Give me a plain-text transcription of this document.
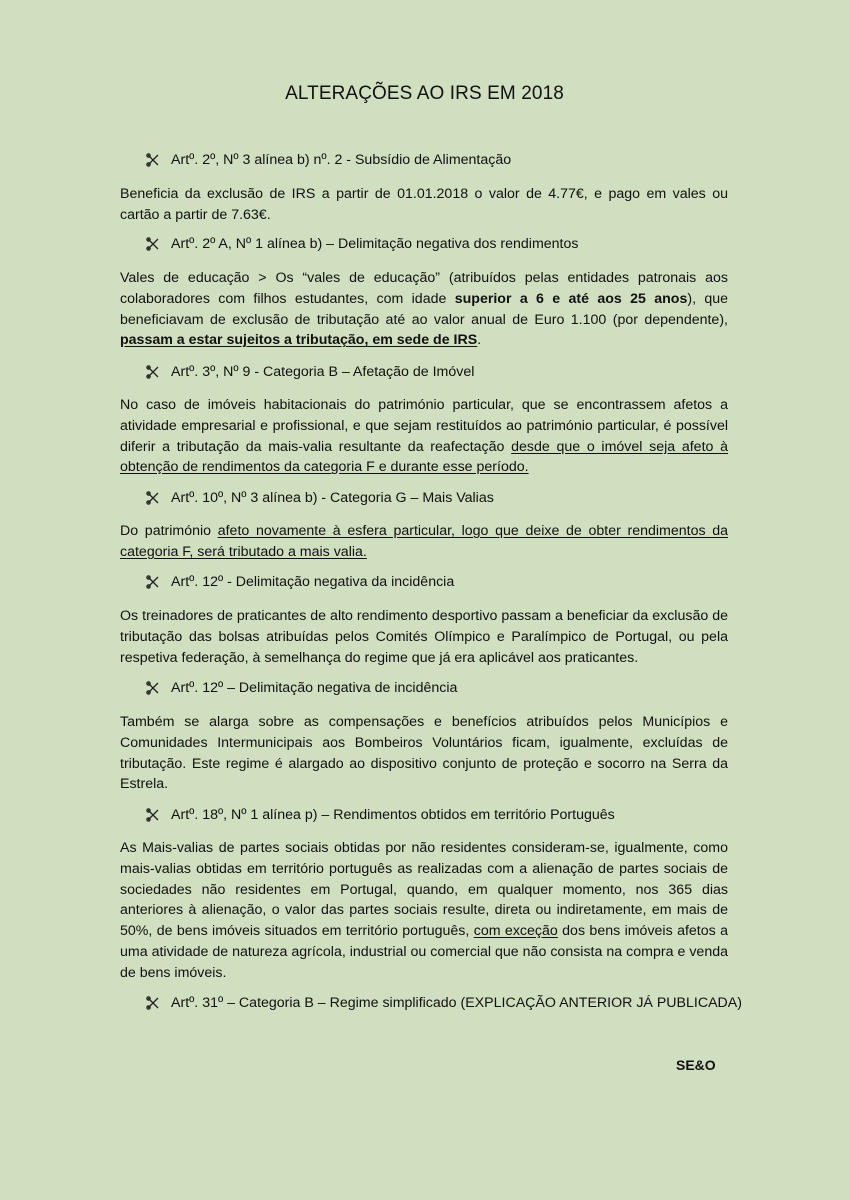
ALTERAÇÕES AO IRS EM 2018
Artº. 2º, Nº 3 alínea b) nº. 2 - Subsídio de Alimentação
Beneficia da exclusão de IRS a partir de 01.01.2018 o valor de 4.77€, e pago em vales ou cartão a partir de 7.63€.
Artº. 2º A, Nº 1 alínea b) – Delimitação negativa dos rendimentos
Vales de educação > Os “vales de educação” (atribuídos pelas entidades patronais aos colaboradores com filhos estudantes, com idade superior a 6 e até aos 25 anos), que beneficiavam de exclusão de tributação até ao valor anual de Euro 1.100 (por dependente), passam a estar sujeitos a tributação, em sede de IRS.
Artº. 3º, Nº 9 - Categoria B – Afetação de Imóvel
No caso de imóveis habitacionais do património particular, que se encontrassem afetos a atividade empresarial e profissional, e que sejam restituídos ao património particular, é possível diferir a tributação da mais-valia resultante da reafectação desde que o imóvel seja afeto à obtenção de rendimentos da categoria F e durante esse período.
Artº. 10º, Nº 3 alínea b) - Categoria G – Mais Valias
Do património afeto novamente à esfera particular, logo que deixe de obter rendimentos da categoria F, será tributado a mais valia.
Artº. 12º - Delimitação negativa da incidência
Os treinadores de praticantes de alto rendimento desportivo passam a beneficiar da exclusão de tributação das bolsas atribuídas pelos Comités Olímpico e Paralímpico de Portugal, ou pela respetiva federação, à semelhança do regime que já era aplicável aos praticantes.
Artº. 12º – Delimitação negativa de incidência
Também se alarga sobre as compensações e benefícios atribuídos pelos Municípios e Comunidades Intermunicipais aos Bombeiros Voluntários ficam, igualmente, excluídas de tributação. Este regime é alargado ao dispositivo conjunto de proteção e socorro na Serra da Estrela.
Artº. 18º, Nº 1 alínea p) – Rendimentos obtidos em território Português
As Mais-valias de partes sociais obtidas por não residentes consideram-se, igualmente, como mais-valias obtidas em território português as realizadas com a alienação de partes sociais de sociedades não residentes em Portugal, quando, em qualquer momento, nos 365 dias anteriores à alienação, o valor das partes sociais resulte, direta ou indiretamente, em mais de 50%, de bens imóveis situados em território português, com exceção dos bens imóveis afetos a uma atividade de natureza agrícola, industrial ou comercial que não consista na compra e venda de bens imóveis.
Artº. 31º – Categoria B – Regime simplificado (EXPLICAÇÃO ANTERIOR JÁ PUBLICADA)
SE&O
